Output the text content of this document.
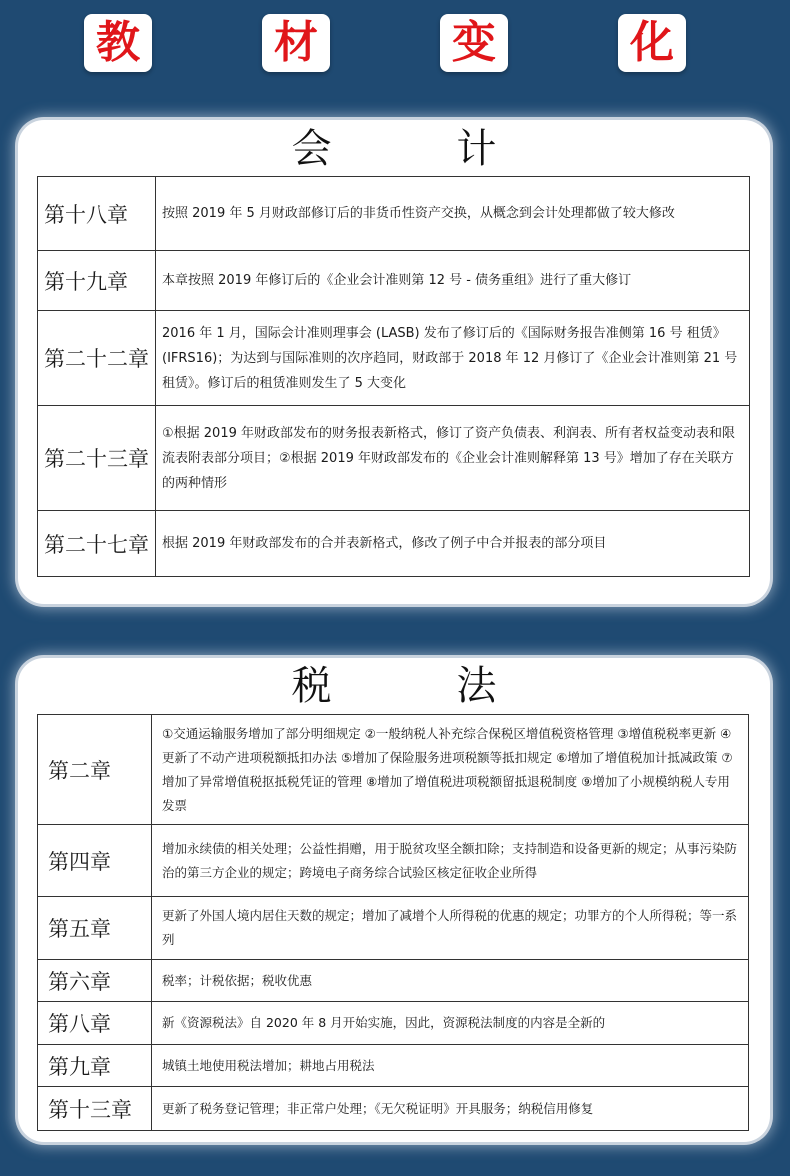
教	材	变	化
会 计
第十八章	按照 2019 年 5 月财政部修订后的非货币性资产交换，从概念到会计处理都做了较大修改
第十九章	本章按照 2019 年修订后的《企业会计准则第 12 号 - 债务重组》进行了重大修订
第二十二章	2016 年 1 月，国际会计准则理事会 (LASB) 发布了修订后的《国际财务报告准侧第 16 号 租赁》(IFRS16)；为达到与国际准则的次序趋同，财政部于 2018 年 12 月修订了《企业会计准则第 21 号 租赁》。修订后的租赁准则发生了 5 大变化
第二十三章	①根据 2019 年财政部发布的财务报表新格式，修订了资产负债表、利润表、所有者权益变动表和限流表附表部分项目；②根据 2019 年财政部发布的《企业会计准则解释第 13 号》增加了存在关联方的两种情形
第二十七章	根据 2019 年财政部发布的合并表新格式，修改了例子中合并报表的部分项目
税 法
第二章	①交通运输服务增加了部分明细规定 ②一般纳税人补充综合保税区增值税资格管理 ③增值税税率更新 ④更新了不动产进项税额抵扣办法 ⑤增加了保险服务进项税额等抵扣规定 ⑥增加了增值税加计抵减政策 ⑦增加了异常增值税抠抵税凭证的管理 ⑧增加了增值税进项税额留抵退税制度 ⑨增加了小规模纳税人专用发票
第四章	增加永续债的相关处理；公益性捐赠，用于脱贫攻坚全额扣除；支持制造和设备更新的规定；从事污染防治的第三方企业的规定；跨境电子商务综合试验区核定征收企业所得
第五章	更新了外国人境内居住天数的规定；增加了减增个人所得税的优惠的规定；功罪方的个人所得税；等一系列
第六章	税率；计税依据；税收优惠
第八章	新《资源税法》自 2020 年 8 月开始实施，因此，资源税法制度的内容是全新的
第九章	城镇土地使用税法增加；耕地占用税法
第十三章	更新了税务登记管理；非正常户处理；《无欠税证明》开具服务；纳税信用修复
